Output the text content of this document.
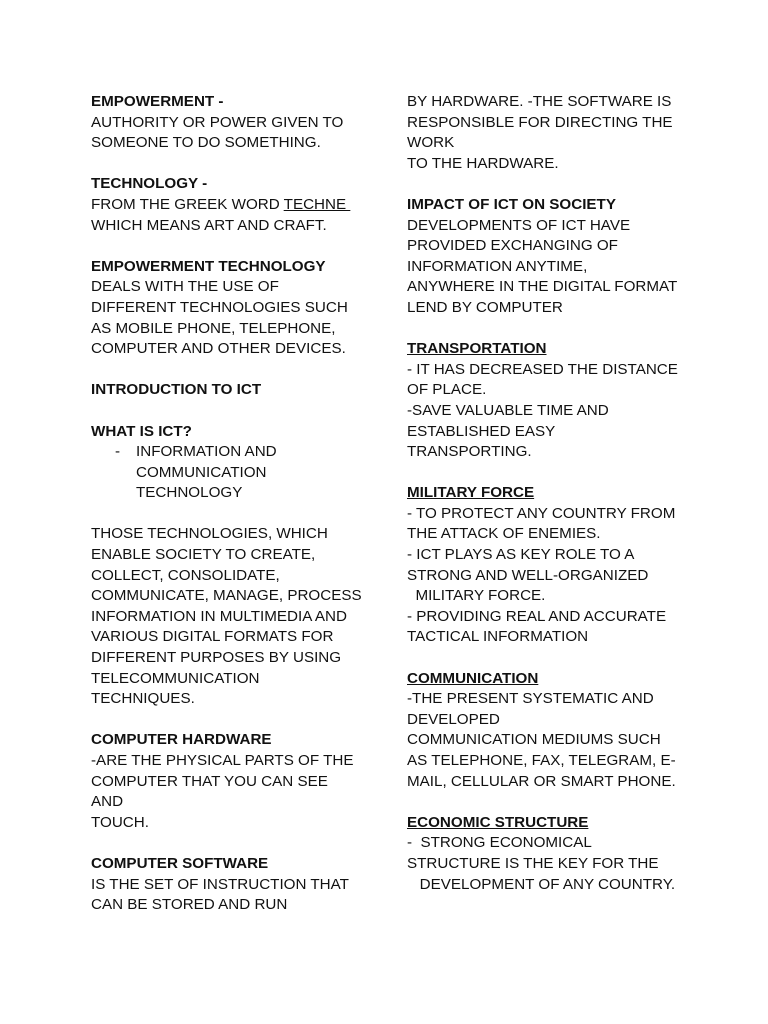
EMPOWERMENT -
AUTHORITY OR POWER GIVEN TO
SOMEONE TO DO SOMETHING.
TECHNOLOGY -
FROM THE GREEK WORD TECHNE
WHICH MEANS ART AND CRAFT.
EMPOWERMENT TECHNOLOGY
DEALS WITH THE USE OF
DIFFERENT TECHNOLOGIES SUCH
AS MOBILE PHONE, TELEPHONE,
COMPUTER AND OTHER DEVICES.
INTRODUCTION TO ICT
WHAT IS ICT?
- INFORMATION AND
COMMUNICATION
TECHNOLOGY
THOSE TECHNOLOGIES, WHICH
ENABLE SOCIETY TO CREATE,
COLLECT, CONSOLIDATE,
COMMUNICATE, MANAGE, PROCESS
INFORMATION IN MULTIMEDIA AND
VARIOUS DIGITAL FORMATS FOR
DIFFERENT PURPOSES BY USING
TELECOMMUNICATION
TECHNIQUES.
COMPUTER HARDWARE
-ARE THE PHYSICAL PARTS OF THE
COMPUTER THAT YOU CAN SEE
AND
TOUCH.
COMPUTER SOFTWARE
IS THE SET OF INSTRUCTION THAT
CAN BE STORED AND RUN
BY HARDWARE. -THE SOFTWARE IS
RESPONSIBLE FOR DIRECTING THE
WORK
TO THE HARDWARE.
IMPACT OF ICT ON SOCIETY
DEVELOPMENTS OF ICT HAVE
PROVIDED EXCHANGING OF
INFORMATION ANYTIME,
ANYWHERE IN THE DIGITAL FORMAT
LEND BY COMPUTER
TRANSPORTATION
- IT HAS DECREASED THE DISTANCE
OF PLACE.
-SAVE VALUABLE TIME AND
ESTABLISHED EASY
TRANSPORTING.
MILITARY FORCE
- TO PROTECT ANY COUNTRY FROM
THE ATTACK OF ENEMIES.
- ICT PLAYS AS KEY ROLE TO A
STRONG AND WELL-ORGANIZED
MILITARY FORCE.
- PROVIDING REAL AND ACCURATE
TACTICAL INFORMATION
COMMUNICATION
-THE PRESENT SYSTEMATIC AND
DEVELOPED
COMMUNICATION MEDIUMS SUCH
AS TELEPHONE, FAX, TELEGRAM, E-
MAIL, CELLULAR OR SMART PHONE.
ECONOMIC STRUCTURE
-  STRONG ECONOMICAL
STRUCTURE IS THE KEY FOR THE
DEVELOPMENT OF ANY COUNTRY.
